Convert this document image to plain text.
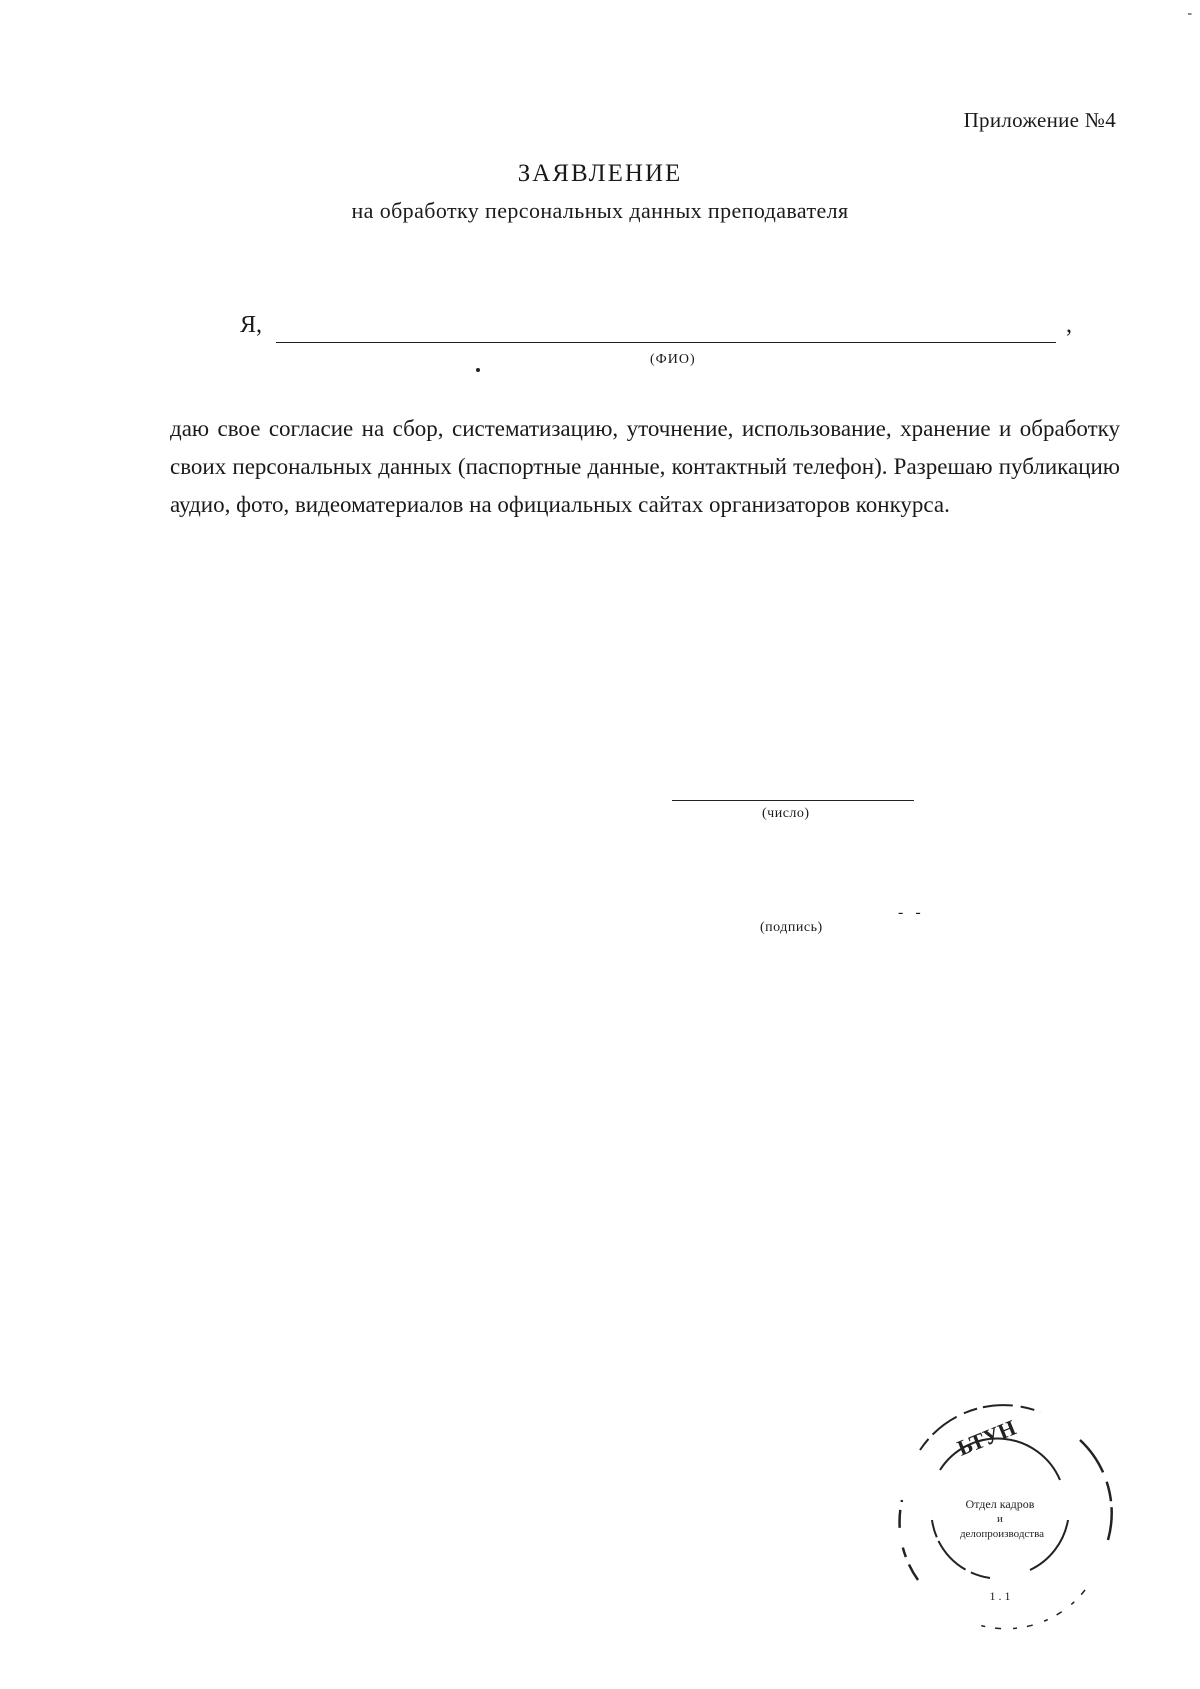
-
Приложение №4
ЗАЯВЛЕНИЕ
на обработку персональных данных преподавателя
Я,	,
(ФИО)
даю свое согласие на сбор, систематизацию, уточнение, использование, хранение и обработку своих персональных данных (паспортные данные, контактный телефон). Разрешаю публикацию аудио, фото, видеоматериалов на официальных сайтах организаторов конкурса.
(число)
- -
(подпись)
ЬТУН
Отдел кадров
и
делопроизводства
1 . 1
